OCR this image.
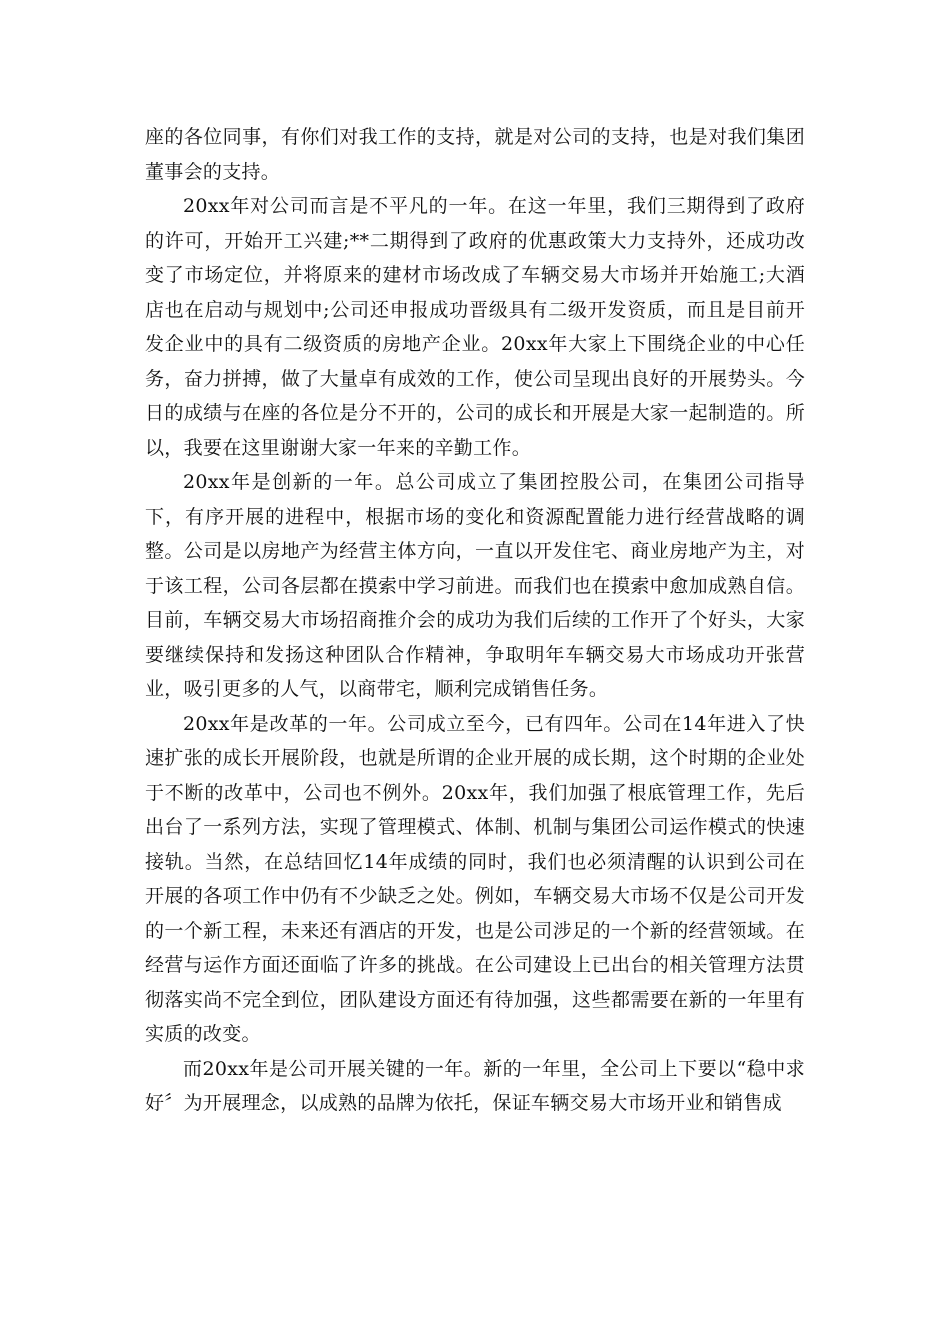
座的各位同事，有你们对我工作的支持，就是对公司的支持，也是对我们集团董事会的支持。

20xx年对公司而言是不平凡的一年。在这一年里，我们三期得到了政府的许可，开始开工兴建;**二期得到了政府的优惠政策大力支持外，还成功改变了市场定位，并将原来的建材市场改成了车辆交易大市场并开始施工;大酒店也在启动与规划中;公司还申报成功晋级具有二级开发资质，而且是目前开发企业中的具有二级资质的房地产企业。20xx年大家上下围绕企业的中心任务，奋力拼搏，做了大量卓有成效的工作，使公司呈现出良好的开展势头。今日的成绩与在座的各位是分不开的，公司的成长和开展是大家一起制造的。所以，我要在这里谢谢大家一年来的辛勤工作。

20xx年是创新的一年。总公司成立了集团控股公司，在集团公司指导下，有序开展的进程中，根据市场的变化和资源配置能力进行经营战略的调整。公司是以房地产为经营主体方向，一直以开发住宅、商业房地产为主，对于该工程，公司各层都在摸索中学习前进。而我们也在摸索中愈加成熟自信。目前，车辆交易大市场招商推介会的成功为我们后续的工作开了个好头，大家要继续保持和发扬这种团队合作精神，争取明年车辆交易大市场成功开张营业，吸引更多的人气，以商带宅，顺利完成销售任务。

20xx年是改革的一年。公司成立至今，已有四年。公司在14年进入了快速扩张的成长开展阶段，也就是所谓的企业开展的成长期，这个时期的企业处于不断的改革中，公司也不例外。20xx年，我们加强了根底管理工作，先后出台了一系列方法，实现了管理模式、体制、机制与集团公司运作模式的快速接轨。当然，在总结回忆14年成绩的同时，我们也必须清醒的认识到公司在开展的各项工作中仍有不少缺乏之处。例如，车辆交易大市场不仅是公司开发的一个新工程，未来还有酒店的开发，也是公司涉足的一个新的经营领域。在经营与运作方面还面临了许多的挑战。在公司建设上已出台的相关管理方法贯彻落实尚不完全到位，团队建设方面还有待加强，这些都需要在新的一年里有实质的改变。

而20xx年是公司开展关键的一年。新的一年里，全公司上下要以“稳中求好〞为开展理念，以成熟的品牌为依托，保证车辆交易大市场开业和销售成
